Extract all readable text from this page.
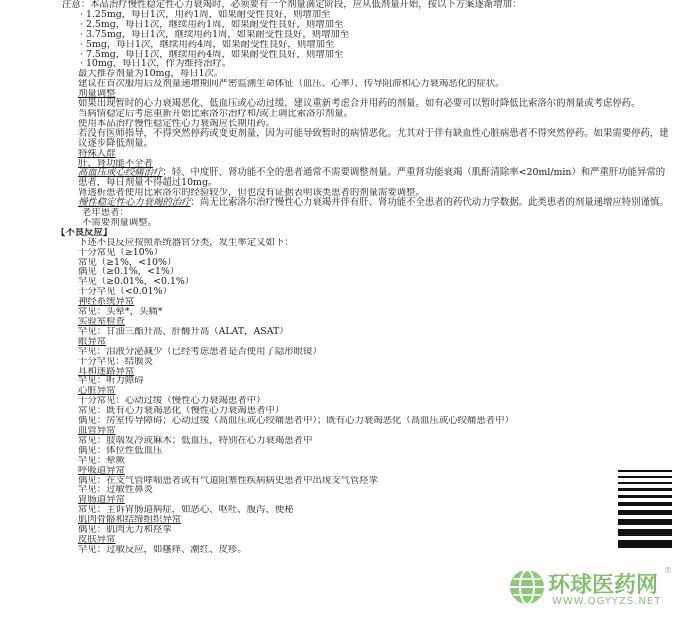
注意：本品治疗慢性稳定性心力衰竭时，必须要有一个剂量滴定阶段，应从低剂量开始，按以下方案逐渐增加：
· 1.25mg，每日1次，用药1周，如果耐受性良好，则增加至
· 2.5mg，每日1次，继续用药1周，如果耐受性良好，则增加至
· 3.75mg，每日1次，继续用药1周，如果耐受性良好，则增加至
· 5mg，每日1次，继续用药4周，如果耐受性良好，则增加至
· 7.5mg，每日1次，继续用药4周，如果耐受性良好，则增加至
· 10mg，每日1次，作为维持治疗。
最大推荐剂量为10mg，每日1次。
建议在首次服用后及剂量递增期间严密监测生命体征（血压、心率）、传导阻滞和心力衰竭恶化的症状。
剂量调整
如果出现暂时的心力衰竭恶化、低血压或心动过缓，建议重新考虑合并用药的剂量。如有必要可以暂时降低比索洛尔的剂量或考虑停药。
当病情稳定后考虑重新开始比索洛尔治疗和/或上调比索洛尔剂量。
使用本品治疗慢性稳定性心力衰竭应长期用药。
若没有医师指导，不得突然停药或变更剂量，因为可能导致暂时的病情恶化。尤其对于伴有缺血性心脏病患者不得突然停药。如果需要停药，建议逐步降低剂量。
特殊人群
肝、肾功能不全者
高血压或心绞痛治疗：轻、中度肝、肾功能不全的患者通常不需要调整剂量。严重肾功能衰竭（肌酐清除率<20ml/min）和严重肝功能异常的患者，每日剂量不得超过10mg。
肾透析患者使用比索洛尔的经验较少，但也没有证据表明该类患者的剂量需要调整。
慢性稳定性心力衰竭的治疗：尚无比索洛尔治疗慢性心力衰竭并伴有肝、肾功能不全患者的药代动力学数据。此类患者的剂量递增应特别谨慎。
老年患者：
不需要剂量调整。
【不良反应】
下述不良反应按照系统器官分类，发生率定义如下：
十分常见（≥10%）
常见（≥1%，<10%）
偶见（≥0.1%，<1%）
罕见（≥0.01%，<0.1%）
十分罕见（<0.01%）
神经系统异常
常见：头晕*，头痛*
实验室检查
罕见：甘油三酯升高、肝酶升高（ALAT，ASAT）
眼异常
罕见：泪液分泌减少（已经考虑患者是否使用了隐形眼镜）
十分罕见：结膜炎
耳和迷路异常
罕见：听力障碍
心脏异常
十分常见：心动过缓（慢性心力衰竭患者中）
常见：既有心力衰竭恶化（慢性心力衰竭患者中）
偶见：房室传导障碍；心动过缓（高血压或心绞痛患者中）；既有心力衰竭恶化（高血压或心绞痛患者中）
血管异常
常见：肢端发冷或麻木；低血压，特别在心力衰竭患者中
偶见：体位性低血压
罕见：晕厥
呼吸道异常
偶见：在支气管哮喘患者或有气道阻塞性疾病病史患者中出现支气管痉挛
罕见：过敏性鼻炎
胃肠道异常
常见：主诉胃肠道病症，如恶心、呕吐、腹泻、便秘
肌肉骨骼和结缔组织异常
偶见：肌肉无力和痉挛
皮肤异常
罕见：过敏反应，如瘙痒、潮红、皮疹。
环球医药网
®
WWW.QGYYZS.NET
